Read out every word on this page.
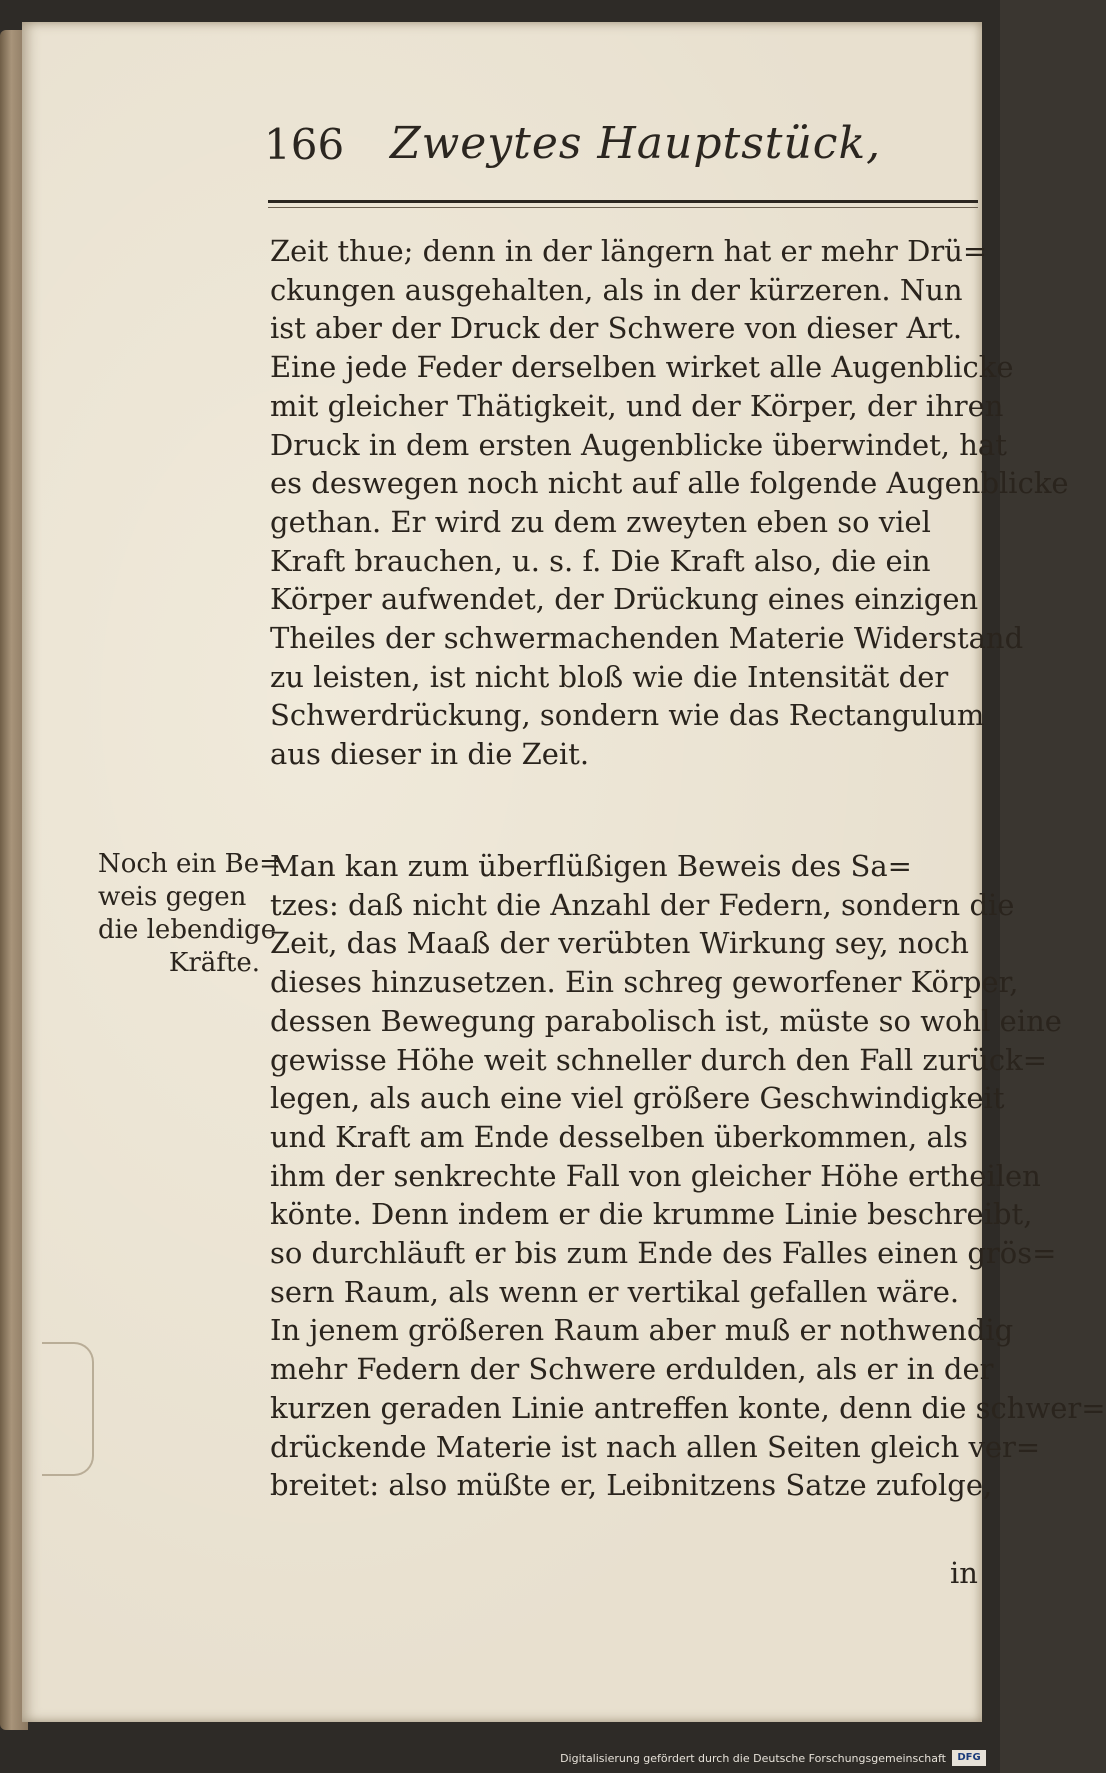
166 Zweytes Hauptstück,
Zeit thue; denn in der längern hat er mehr Drü=
ckungen ausgehalten, als in der kürzeren. Nun
ist aber der Druck der Schwere von dieser Art.
Eine jede Feder derselben wirket alle Augenblicke
mit gleicher Thätigkeit, und der Körper, der ihren
Druck in dem ersten Augenblicke überwindet, hat
es deswegen noch nicht auf alle folgende Augenblicke
gethan. Er wird zu dem zweyten eben so viel
Kraft brauchen, u. s. f. Die Kraft also, die ein
Körper aufwendet, der Drückung eines einzigen
Theiles der schwermachenden Materie Widerstand
zu leisten, ist nicht bloß wie die Intensität der
Schwerdrückung, sondern wie das Rectangulum
aus dieser in die Zeit.
Noch ein Be=
weis gegen
die lebendige
Kräfte.
Man kan zum überflüßigen Beweis des Sa=
tzes: daß nicht die Anzahl der Federn, sondern die
Zeit, das Maaß der verübten Wirkung sey, noch
dieses hinzusetzen. Ein schreg geworfener Körper,
dessen Bewegung parabolisch ist, müste so wohl eine
gewisse Höhe weit schneller durch den Fall zurück=
legen, als auch eine viel größere Geschwindigkeit
und Kraft am Ende desselben überkommen, als
ihm der senkrechte Fall von gleicher Höhe ertheilen
könte. Denn indem er die krumme Linie beschreibt,
so durchläuft er bis zum Ende des Falles einen grös=
sern Raum, als wenn er vertikal gefallen wäre.
In jenem größeren Raum aber muß er nothwendig
mehr Federn der Schwere erdulden, als er in der
kurzen geraden Linie antreffen konte, denn die schwer=
drückende Materie ist nach allen Seiten gleich ver=
breitet: also müßte er, Leibnitzens Satze zufolge,
in
Digitalisierung gefördert durch die Deutsche Forschungsgemeinschaft	DFG
